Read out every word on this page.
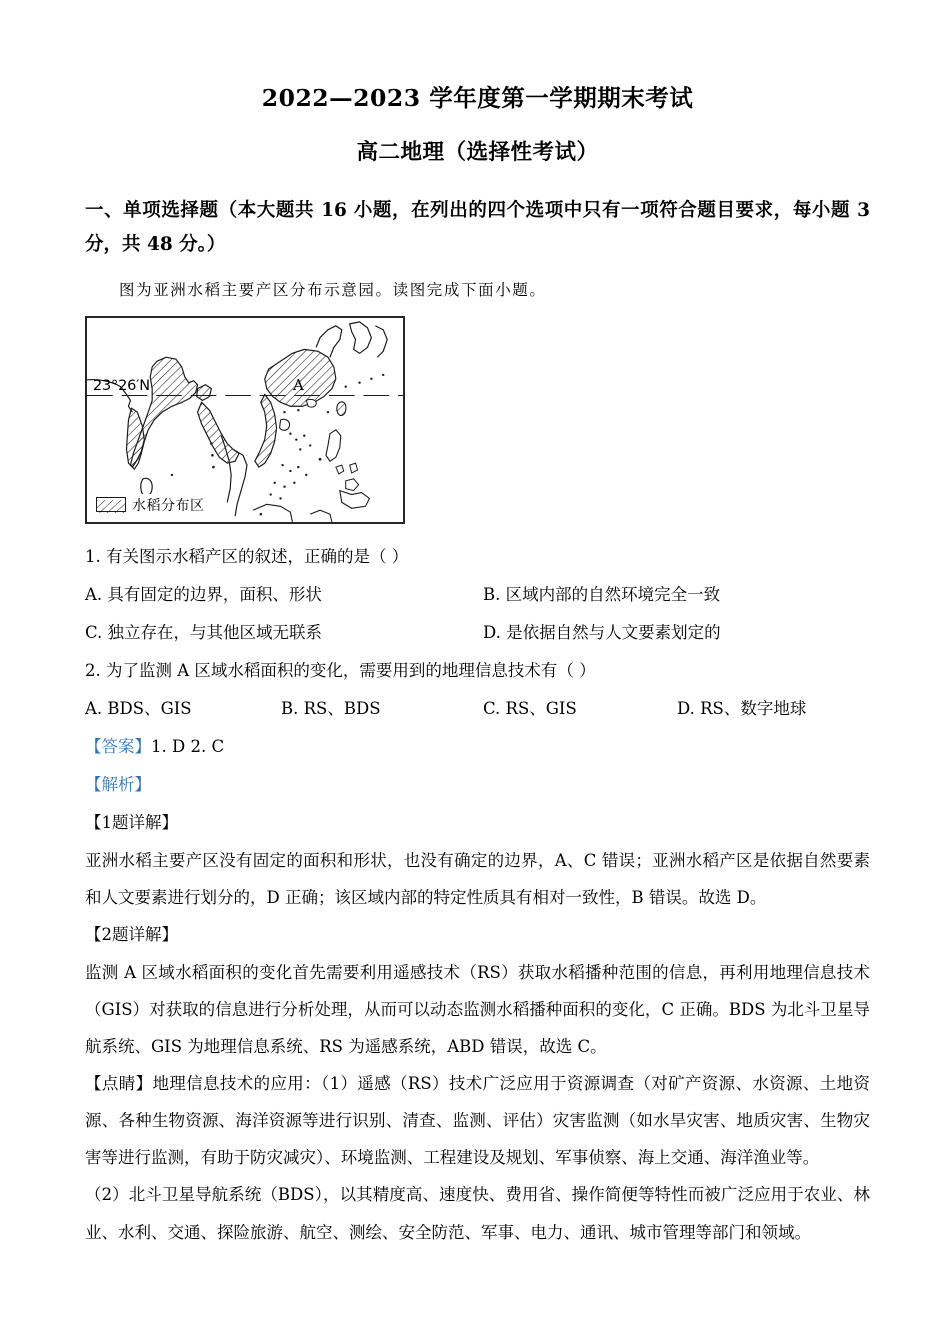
2022—2023 学年度第一学期期末考试
高二地理（选择性考试）

一、单项选择题（本大题共 16 小题，在列出的四个选项中只有一项符合题目要求，每小题 3 分，共 48 分。）

图为亚洲水稻主要产区分布示意园。读图完成下面小题。

23°26′N	A
水稻分布区

1. 有关图示水稻产区的叙述，正确的是（ ）

A. 具有固定的边界，面积、形状	B. 区域内部的自然环境完全一致
C. 独立存在，与其他区域无联系	D. 是依据自然与人文要素划定的

2. 为了监测 A 区域水稻面积的变化，需要用到的地理信息技术有（ ）

A. BDS、GIS	B. RS、BDS	C. RS、GIS	D. RS、数字地球

【答案】1. D 2. C

【解析】

【1题详解】

亚洲水稻主要产区没有固定的面积和形状，也没有确定的边界，A、C 错误；亚洲水稻产区是依据自然要素和人文要素进行划分的，D 正确；该区域内部的特定性质具有相对一致性，B 错误。故选 D。

【2题详解】

监测 A 区域水稻面积的变化首先需要利用遥感技术（RS）获取水稻播种范围的信息，再利用地理信息技术（GIS）对获取的信息进行分析处理，从而可以动态监测水稻播种面积的变化，C 正确。BDS 为北斗卫星导航系统、GIS 为地理信息系统、RS 为遥感系统，ABD 错误，故选 C。

【点睛】地理信息技术的应用：（1）遥感（RS）技术广泛应用于资源调查（对矿产资源、水资源、土地资源、各种生物资源、海洋资源等进行识别、清查、监测、评估）灾害监测（如水旱灾害、地质灾害、生物灾害等进行监测，有助于防灾减灾）、环境监测、工程建设及规划、军事侦察、海上交通、海洋渔业等。

（2）北斗卫星导航系统（BDS），以其精度高、速度快、费用省、操作简便等特性而被广泛应用于农业、林业、水利、交通、探险旅游、航空、测绘、安全防范、军事、电力、通讯、城市管理等部门和领域。
